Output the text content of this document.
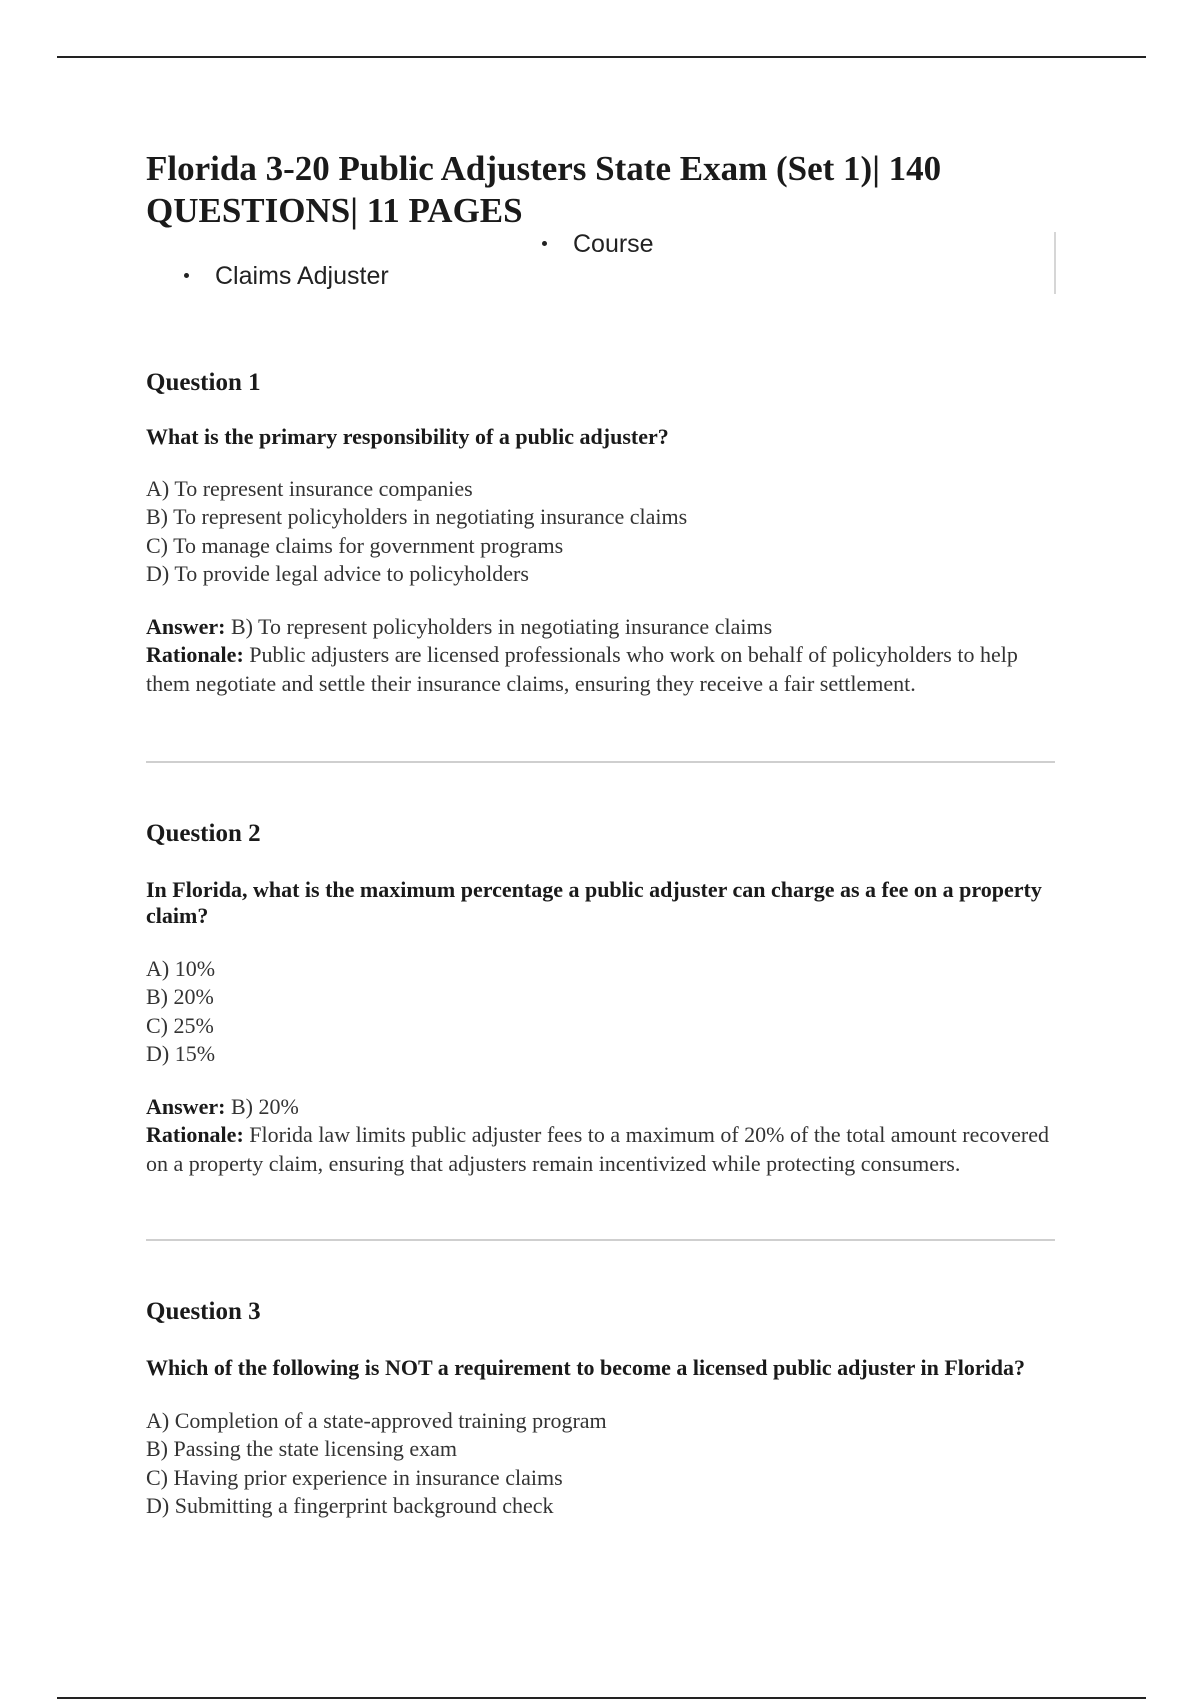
Florida 3-20 Public Adjusters State Exam (Set 1)| 140 QUESTIONS| 11 PAGES
Course
Claims Adjuster
Question 1

What is the primary responsibility of a public adjuster?

A) To represent insurance companies
B) To represent policyholders in negotiating insurance claims
C) To manage claims for government programs
D) To provide legal advice to policyholders

Answer: B) To represent policyholders in negotiating insurance claims

Rationale: Public adjusters are licensed professionals who work on behalf of policyholders to help them negotiate and settle their insurance claims, ensuring they receive a fair settlement.

Question 2

In Florida, what is the maximum percentage a public adjuster can charge as a fee on a property claim?

A) 10%
B) 20%
C) 25%
D) 15%

Answer: B) 20%

Rationale: Florida law limits public adjuster fees to a maximum of 20% of the total amount recovered on a property claim, ensuring that adjusters remain incentivized while protecting consumers.

Question 3

Which of the following is NOT a requirement to become a licensed public adjuster in Florida?

A) Completion of a state-approved training program
B) Passing the state licensing exam
C) Having prior experience in insurance claims
D) Submitting a fingerprint background check
